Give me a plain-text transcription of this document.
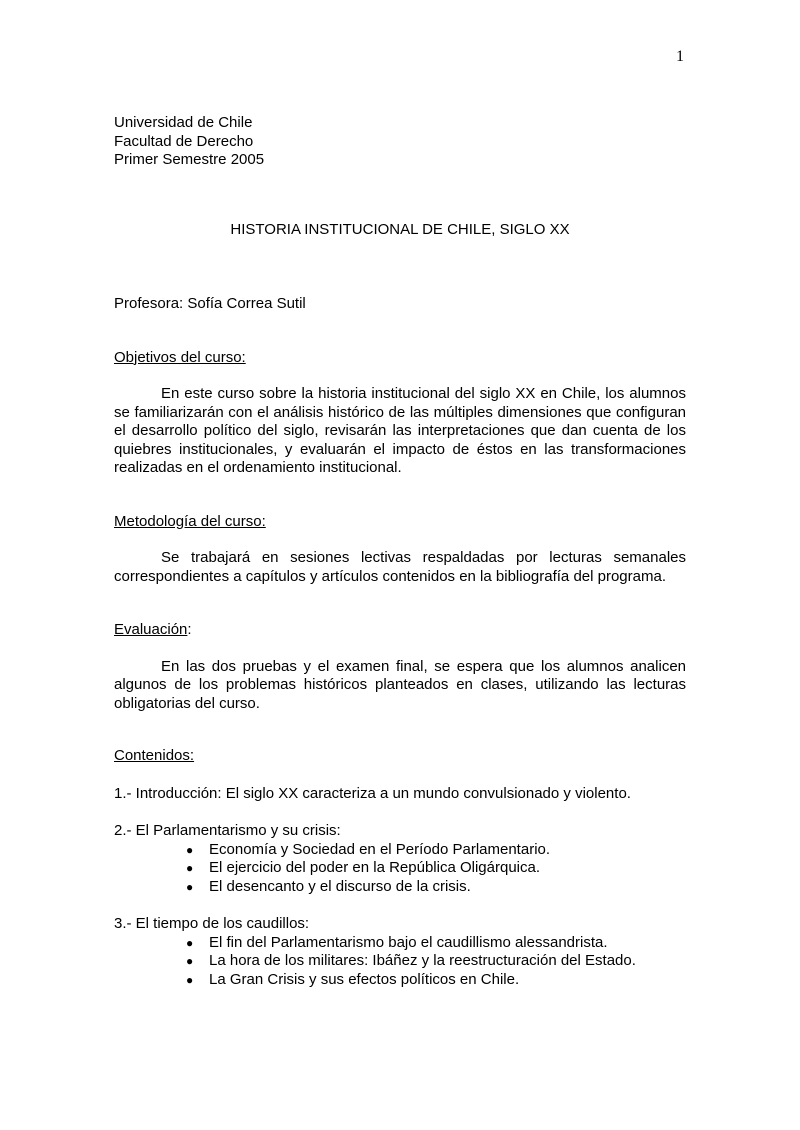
1
Universidad de Chile
Facultad de Derecho
Primer Semestre 2005
HISTORIA INSTITUCIONAL DE CHILE, SIGLO XX
Profesora: Sofía Correa Sutil
Objetivos del curso:
En este curso sobre la historia institucional del siglo XX en Chile, los alumnos se familiarizarán con el análisis histórico de las múltiples dimensiones que configuran el desarrollo político del siglo, revisarán las interpretaciones que dan cuenta de los quiebres institucionales, y evaluarán el impacto de éstos en las transformaciones realizadas en el ordenamiento institucional.
Metodología del curso:
Se trabajará en sesiones lectivas respaldadas por lecturas semanales correspondientes a capítulos y artículos contenidos en la bibliografía del programa.
Evaluación:
En las dos pruebas y el examen final, se espera que los alumnos analicen algunos de los problemas históricos planteados en clases, utilizando las lecturas obligatorias del curso.
Contenidos:
1.- Introducción: El siglo XX caracteriza a un mundo convulsionado y violento.
2.- El Parlamentarismo y su crisis:
● Economía y Sociedad en el Período Parlamentario.
● El ejercicio del poder en la República Oligárquica.
● El desencanto y el discurso de la crisis.
3.- El tiempo de los caudillos:
● El fin del Parlamentarismo bajo el caudillismo alessandrista.
● La hora de los militares: Ibáñez y la reestructuración del Estado.
● La Gran Crisis y sus efectos políticos en Chile.
